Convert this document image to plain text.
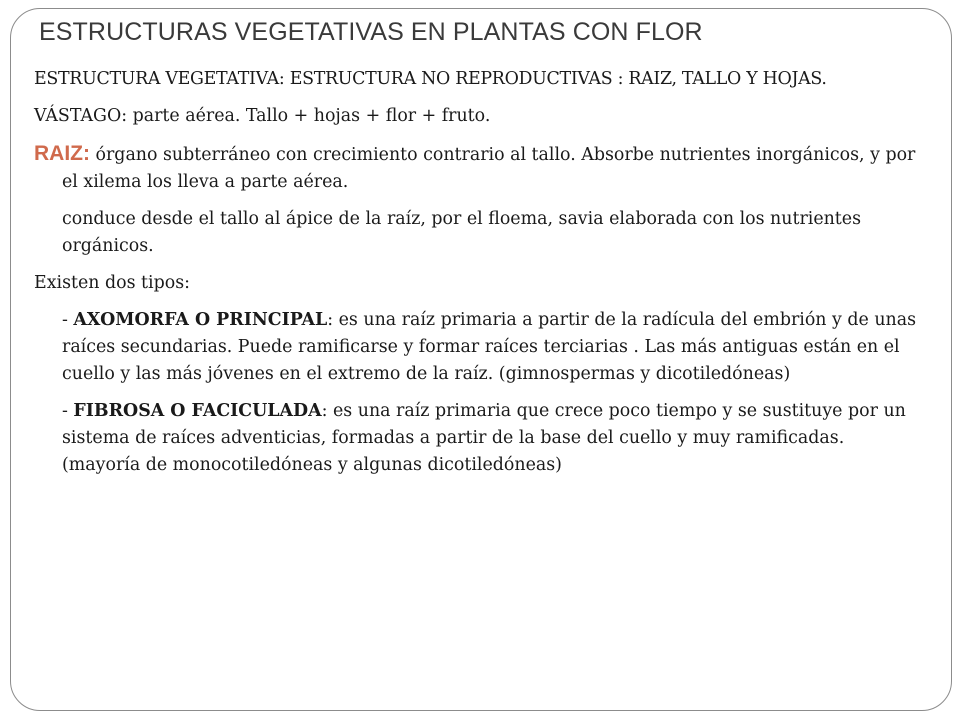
ESTRUCTURAS VEGETATIVAS EN PLANTAS CON FLOR

ESTRUCTURA VEGETATIVA: ESTRUCTURA NO REPRODUCTIVAS : RAIZ, TALLO Y HOJAS.

VÁSTAGO: parte aérea. Tallo + hojas + flor + fruto.

RAIZ: órgano subterráneo con crecimiento contrario al tallo. Absorbe nutrientes inorgánicos, y por el xilema los lleva a parte aérea.

conduce desde el tallo al ápice de la raíz, por el floema, savia elaborada con los nutrientes orgánicos.

Existen dos tipos:

- AXOMORFA O PRINCIPAL: es una raíz primaria a partir de la radícula del embrión y de unas raíces secundarias. Puede ramificarse y formar raíces terciarias . Las más antiguas están en el cuello y las más jóvenes en el extremo de la raíz. (gimnospermas y dicotiledóneas)

- FIBROSA O FACICULADA: es una raíz primaria que crece poco tiempo y se sustituye por un sistema de raíces adventicias, formadas a partir de la base del cuello y muy ramificadas. (mayoría de monocotiledóneas y algunas dicotiledóneas)
